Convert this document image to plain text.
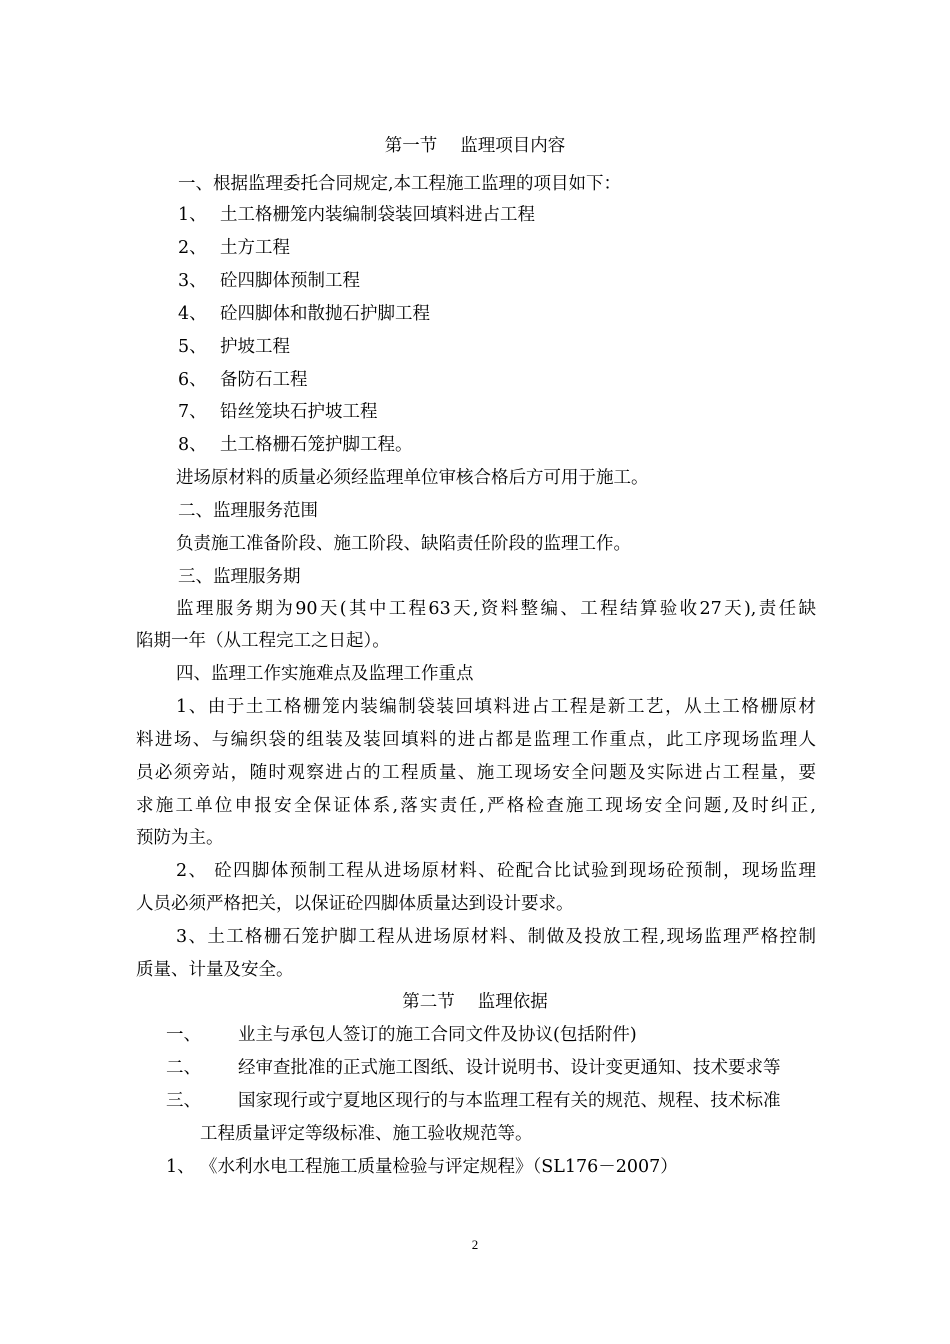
第一节　 监理项目内容

一、根据监理委托合同规定,本工程施工监理的项目如下：

1、 土工格栅笼内装编制袋装回填料进占工程

2、 土方工程

3、 砼四脚体预制工程

4、 砼四脚体和散抛石护脚工程

5、 护坡工程

6、 备防石工程

7、 铅丝笼块石护坡工程

8、 土工格栅石笼护脚工程。

进场原材料的质量必须经监理单位审核合格后方可用于施工。

二、监理服务范围

负责施工准备阶段、施工阶段、缺陷责任阶段的监理工作。

三、监理服务期

监理服务期为90天(其中工程63天,资料整编、工程结算验收27天),责任缺

陷期一年（从工程完工之日起）。

四、监理工作实施难点及监理工作重点

1、由于土工格栅笼内装编制袋装回填料进占工程是新工艺，从土工格栅原材

料进场、与编织袋的组装及装回填料的进占都是监理工作重点，此工序现场监理人

员必须旁站，随时观察进占的工程质量、施工现场安全问题及实际进占工程量，要

求施工单位申报安全保证体系,落实责任,严格检查施工现场安全问题,及时纠正,

预防为主。

2、 砼四脚体预制工程从进场原材料、砼配合比试验到现场砼预制，现场监理

人员必须严格把关，以保证砼四脚体质量达到设计要求。

3、土工格栅石笼护脚工程从进场原材料、制做及投放工程,现场监理严格控制

质量、计量及安全。

第二节　 监理依据

一、 业主与承包人签订的施工合同文件及协议(包括附件)

二、 经审查批准的正式施工图纸、设计说明书、设计变更通知、技术要求等

三、 国家现行或宁夏地区现行的与本监理工程有关的规范、规程、技术标准

工程质量评定等级标准、施工验收规范等。

1、 《水利水电工程施工质量检验与评定规程》（SL176－2007）

2
